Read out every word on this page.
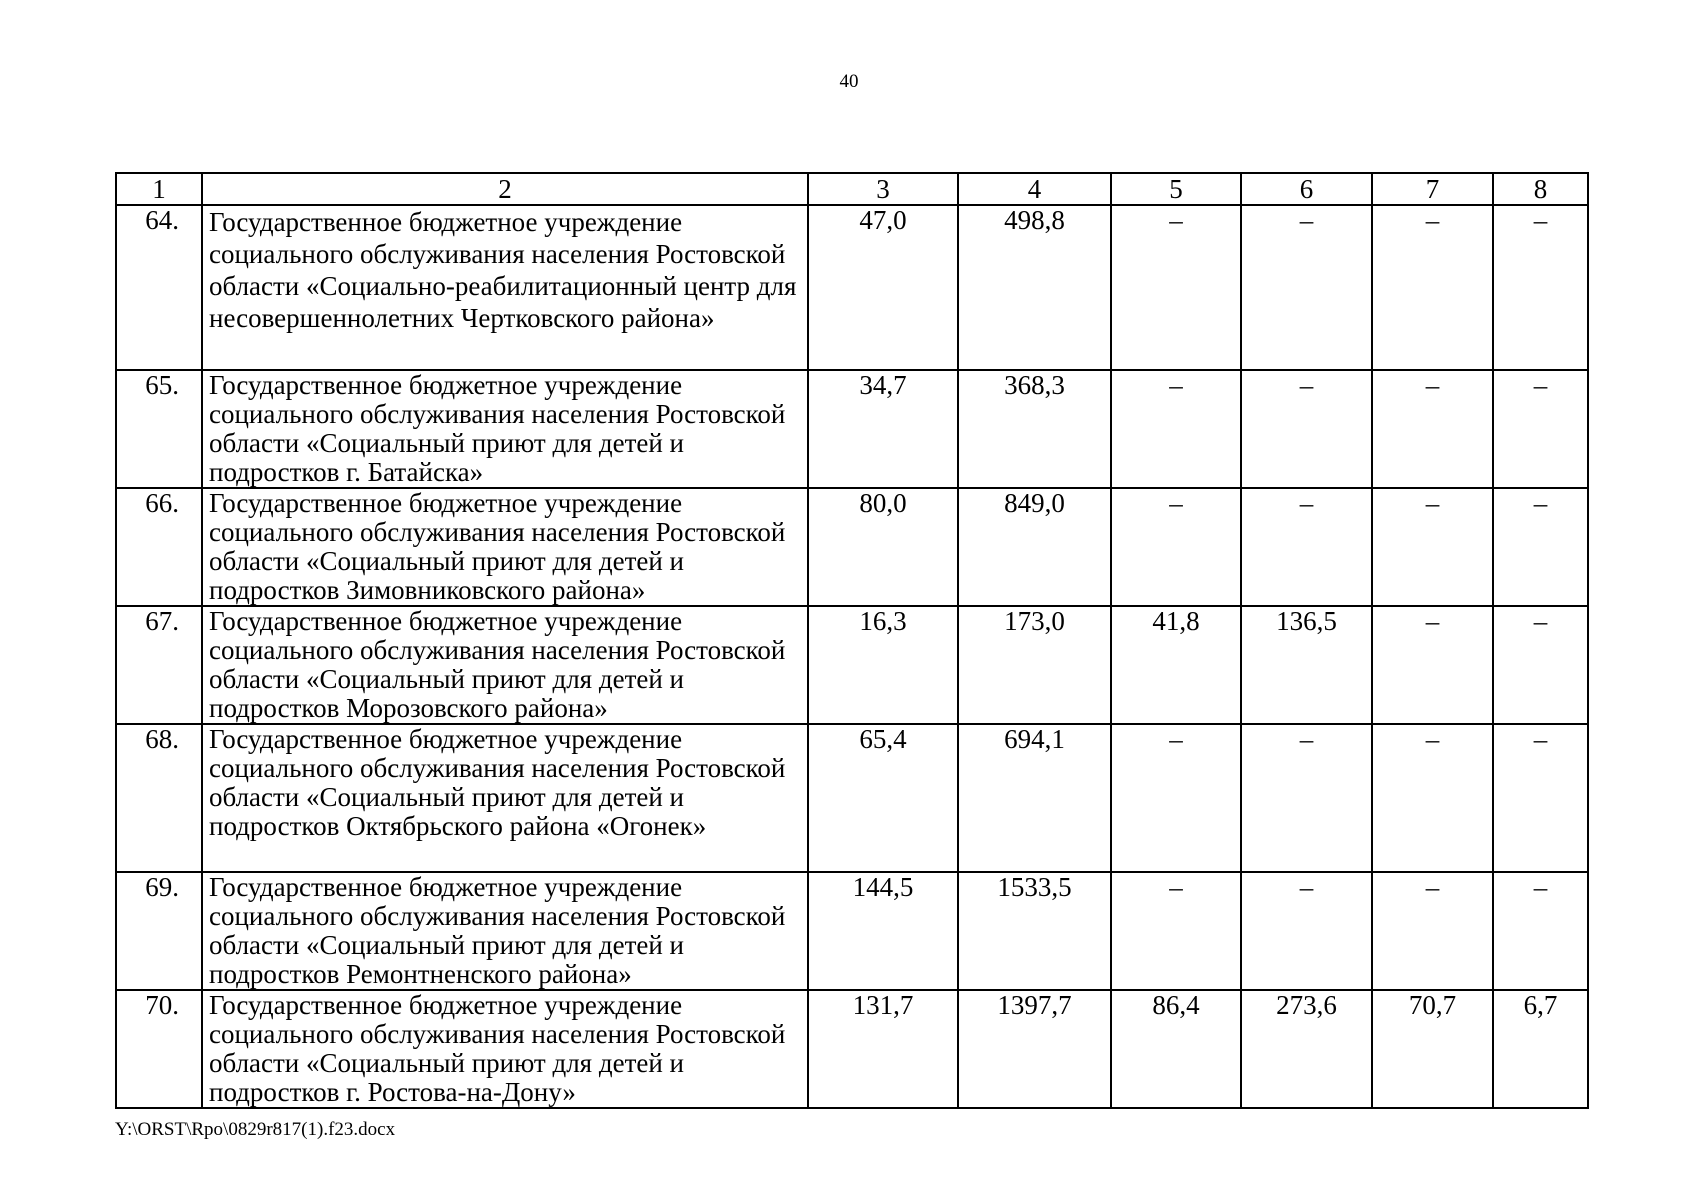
40
1	2	3	4	5	6	7	8
64.	Государственное бюджетное учреждение социального обслуживания населения Ростовской области «Социально-реабилитационный центр для несовершеннолетних Чертковского района»	47,0	498,8	–	–	–	–
65.	Государственное бюджетное учреждение социального обслуживания населения Ростовской области «Социальный приют для детей и подростков г. Батайска»	34,7	368,3	–	–	–	–
66.	Государственное бюджетное учреждение социального обслуживания населения Ростовской области «Социальный приют для детей и подростков Зимовниковского района»	80,0	849,0	–	–	–	–
67.	Государственное бюджетное учреждение социального обслуживания населения Ростовской области «Социальный приют для детей и подростков Морозовского района»	16,3	173,0	41,8	136,5	–	–
68.	Государственное бюджетное учреждение социального обслуживания населения Ростовской области «Социальный приют для детей и подростков Октябрьского района «Огонек»	65,4	694,1	–	–	–	–
69.	Государственное бюджетное учреждение социального обслуживания населения Ростовской области «Социальный приют для детей и подростков Ремонтненского района»	144,5	1533,5	–	–	–	–
70.	Государственное бюджетное учреждение социального обслуживания населения Ростовской области «Социальный приют для детей и подростков г. Ростова-на-Дону»	131,7	1397,7	86,4	273,6	70,7	6,7
Y:\ORST\Rpo\0829r817(1).f23.docx
